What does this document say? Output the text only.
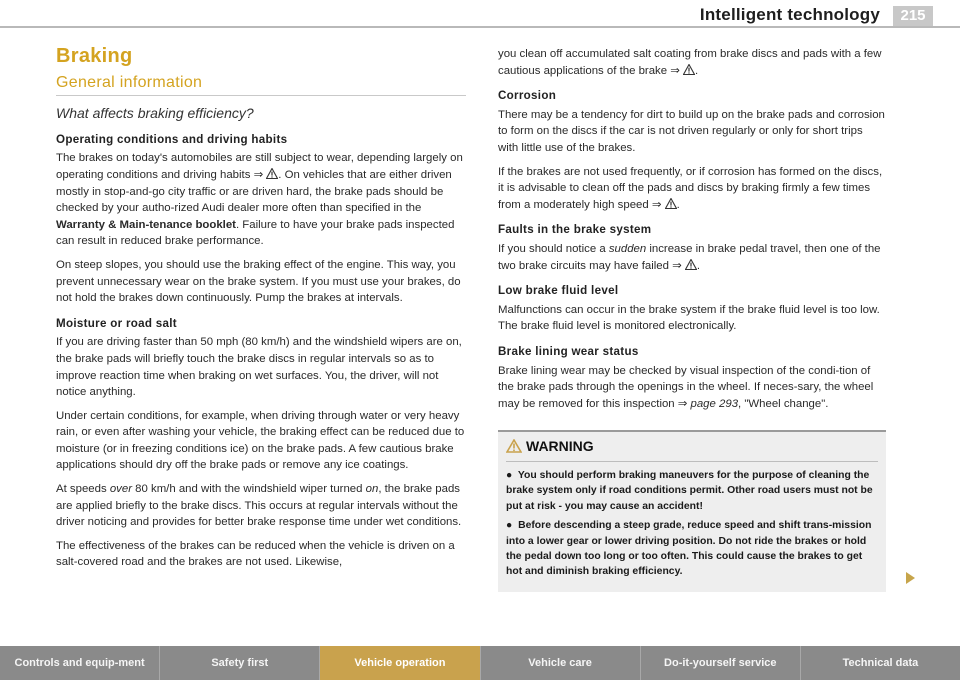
Intelligent technology	215
Braking
General information
What affects braking efficiency?
Operating conditions and driving habits

The brakes on today's automobiles are still subject to wear, depending largely on operating conditions and driving habits ⇒ . On vehicles that are either driven mostly in stop-and-go city traffic or are driven hard, the brake pads should be checked by your autho-rized Audi dealer more often than specified in the Warranty & Main-tenance booklet. Failure to have your brake pads inspected can result in reduced brake performance.

On steep slopes, you should use the braking effect of the engine. This way, you prevent unnecessary wear on the brake system. If you must use your brakes, do not hold the brakes down continuously. Pump the brakes at intervals.

Moisture or road salt

If you are driving faster than 50 mph (80 km/h) and the windshield wipers are on, the brake pads will briefly touch the brake discs in regular intervals so as to improve reaction time when braking on wet surfaces. You, the driver, will not notice anything.

Under certain conditions, for example, when driving through water or very heavy rain, or even after washing your vehicle, the braking effect can be reduced due to moisture (or in freezing conditions ice) on the brake pads. A few cautious brake applications should dry off the brake pads or remove any ice coatings.

At speeds over 80 km/h and with the windshield wiper turned on, the brake pads are applied briefly to the brake discs. This occurs at regular intervals without the driver noticing and provides for better brake response time under wet conditions.

The effectiveness of the brakes can be reduced when the vehicle is driven on a salt-covered road and the brakes are not used. Likewise,

you clean off accumulated salt coating from brake discs and pads with a few cautious applications of the brake ⇒ .

Corrosion

There may be a tendency for dirt to build up on the brake pads and corrosion to form on the discs if the car is not driven regularly or only for short trips with little use of the brakes.

If the brakes are not used frequently, or if corrosion has formed on the discs, it is advisable to clean off the pads and discs by braking firmly a few times from a moderately high speed ⇒ .

Faults in the brake system

If you should notice a sudden increase in brake pedal travel, then one of the two brake circuits may have failed ⇒ .

Low brake fluid level

Malfunctions can occur in the brake system if the brake fluid level is too low. The brake fluid level is monitored electronically.

Brake lining wear status

Brake lining wear may be checked by visual inspection of the condi-tion of the brake pads through the openings in the wheel. If neces-sary, the wheel may be removed for this inspection ⇒ page 293, "Wheel change".

WARNING
●  You should perform braking maneuvers for the purpose of cleaning the brake system only if road conditions permit. Other road users must not be put at risk - you may cause an accident!
●  Before descending a steep grade, reduce speed and shift trans-mission into a lower gear or lower driving position. Do not ride the brakes or hold the pedal down too long or too often. This could cause the brakes to get hot and diminish braking efficiency.
Controls and equip-ment	Safety first	Vehicle operation	Vehicle care	Do-it-yourself service	Technical data
